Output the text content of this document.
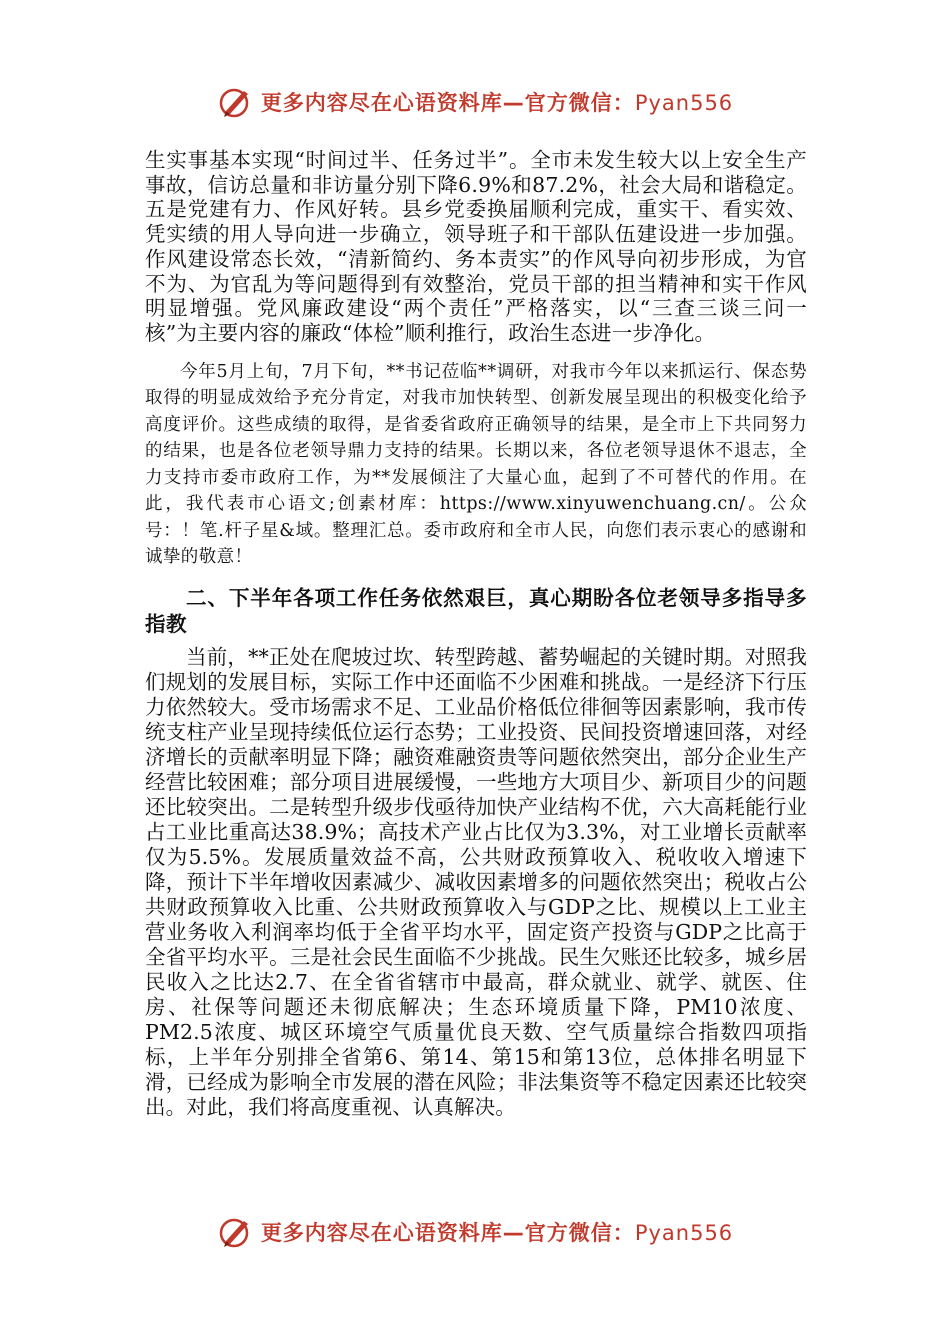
更多内容尽在心语资料库—官方微信：Pyan556

生实事基本实现“时间过半、任务过半”。全市未发生较大以上安全生产事故，信访总量和非访量分别下降6.9%和87.2%，社会大局和谐稳定。五是党建有力、作风好转。县乡党委换届顺利完成，重实干、看实效、凭实绩的用人导向进一步确立，领导班子和干部队伍建设进一步加强。作风建设常态长效，“清新简约、务本责实”的作风导向初步形成，为官不为、为官乱为等问题得到有效整治，党员干部的担当精神和实干作风明显增强。党风廉政建设“两个责任”严格落实，以“三查三谈三问一核”为主要内容的廉政“体检”顺利推行，政治生态进一步净化。

今年5月上旬，7月下旬，**书记莅临**调研，对我市今年以来抓运行、保态势取得的明显成效给予充分肯定，对我市加快转型、创新发展呈现出的积极变化给予高度评价。这些成绩的取得，是省委省政府正确领导的结果，是全市上下共同努力的结果，也是各位老领导鼎力支持的结果。长期以来，各位老领导退休不退志，全力支持市委市政府工作，为**发展倾注了大量心血，起到了不可替代的作用。在此，我代表市心语文;创素材库：https://www.xinyuwenchuang.cn/。公众号：！笔.杆子星&域。整理汇总。委市政府和全市人民，向您们表示衷心的感谢和诚挚的敬意！

二、下半年各项工作任务依然艰巨，真心期盼各位老领导多指导多指教

当前，**正处在爬坡过坎、转型跨越、蓄势崛起的关键时期。对照我们规划的发展目标，实际工作中还面临不少困难和挑战。一是经济下行压力依然较大。受市场需求不足、工业品价格低位徘徊等因素影响，我市传统支柱产业呈现持续低位运行态势；工业投资、民间投资增速回落，对经济增长的贡献率明显下降；融资难融资贵等问题依然突出，部分企业生产经营比较困难；部分项目进展缓慢，一些地方大项目少、新项目少的问题还比较突出。二是转型升级步伐亟待加快产业结构不优，六大高耗能行业占工业比重高达38.9%；高技术产业占比仅为3.3%，对工业增长贡献率仅为5.5%。发展质量效益不高，公共财政预算收入、税收收入增速下降，预计下半年增收因素减少、减收因素增多的问题依然突出；税收占公共财政预算收入比重、公共财政预算收入与GDP之比、规模以上工业主营业务收入利润率均低于全省平均水平，固定资产投资与GDP之比高于全省平均水平。三是社会民生面临不少挑战。民生欠账还比较多，城乡居民收入之比达2.7、在全省省辖市中最高，群众就业、就学、就医、住房、社保等问题还未彻底解决；生态环境质量下降，PM10浓度、PM2.5浓度、城区环境空气质量优良天数、空气质量综合指数四项指标，上半年分别排全省第6、第14、第15和第13位，总体排名明显下滑，已经成为影响全市发展的潜在风险；非法集资等不稳定因素还比较突出。对此，我们将高度重视、认真解决。

更多内容尽在心语资料库—官方微信：Pyan556
